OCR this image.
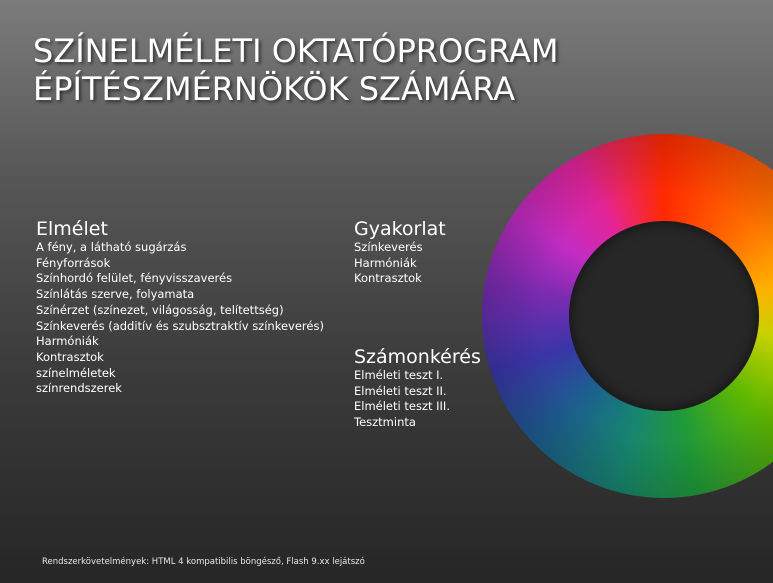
SZÍNELMÉLETI OKTATÓPROGRAM
ÉPÍTÉSZMÉRNÖKÖK SZÁMÁRA
Elmélet
A fény, a látható sugárzás
Fényforrások
Színhordó felület, fényvisszaverés
Színlátás szerve, folyamata
Színérzet (színezet, világosság, telítettség)
Színkeverés (additív és szubsztraktív színkeverés)
Harmóniák
Kontrasztok
színelméletek
színrendszerek
Gyakorlat
Színkeverés
Harmóniák
Kontrasztok
Számonkérés
Elméleti teszt I.
Elméleti teszt II.
Elméleti teszt III.
Tesztminta
Rendszerkövetelmények: HTML 4 kompatibilis böngésző, Flash 9.xx lejátszó
